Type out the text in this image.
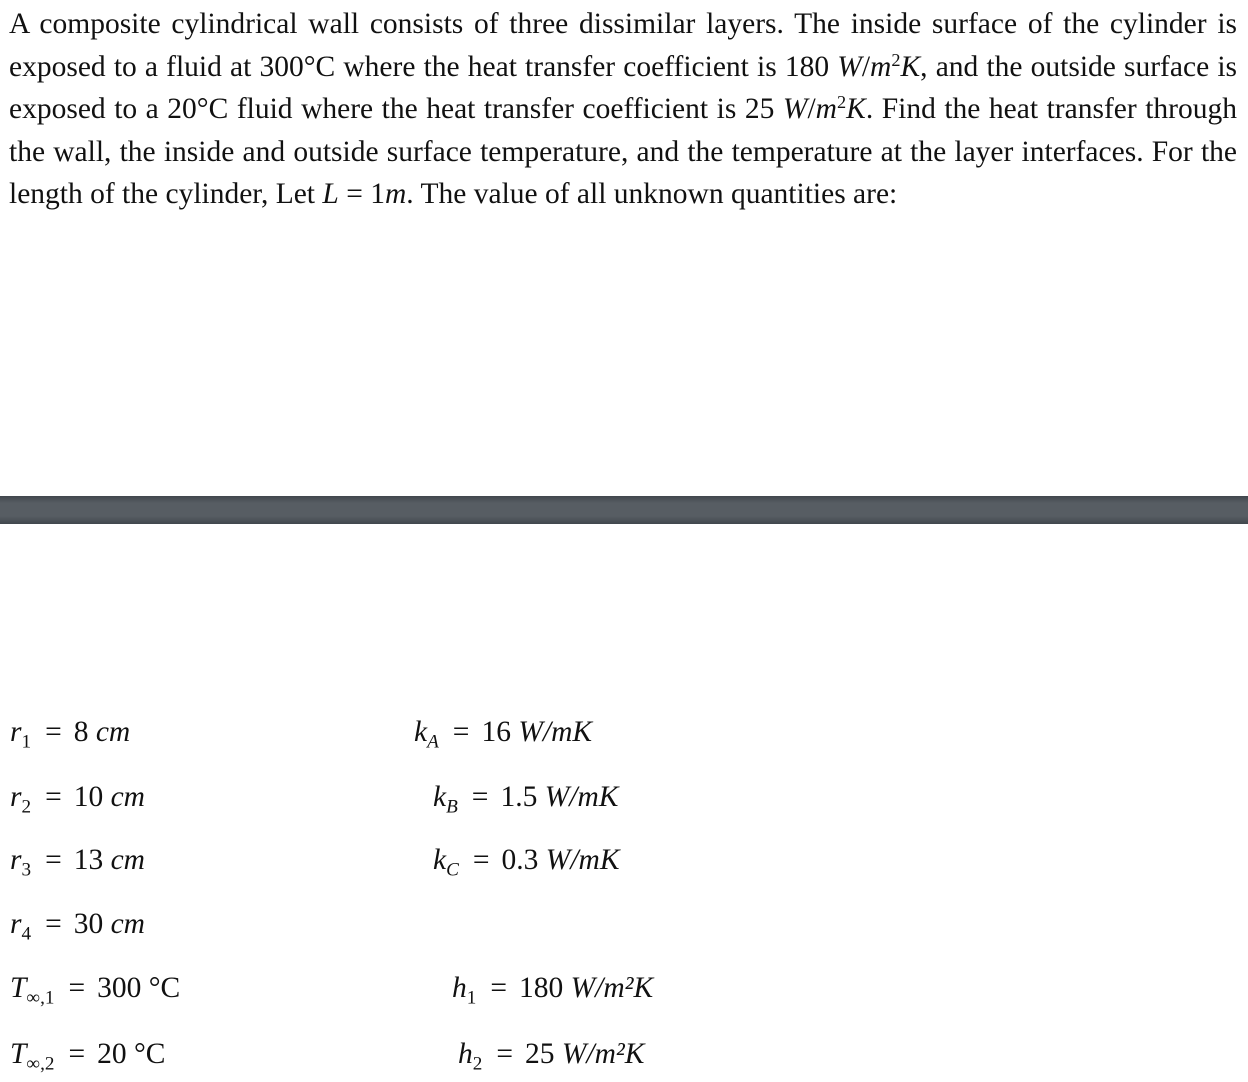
A composite cylindrical wall consists of three dissimilar layers. The inside surface of the cylinder is exposed to a fluid at 300°C where the heat transfer coefficient is 180 $W/m^2K$, and the outside surface is exposed to a 20°C fluid where the heat transfer coefficient is 25 $W/m^2K$. Find the heat transfer through the wall, the inside and outside surface temperature, and the temperature at the layer interfaces. For the length of the cylinder, Let L = 1m. The value of all unknown quantities are:

$r_1 = 8$ cm
$r_2 = 10$ cm
$r_3 = 13$ cm
$r_4 = 30$ cm
$T_{\infty,1} = 300$ °C
$T_{\infty,2} = 20$ °C
$k_A = 16$ W/mK
$k_B = 1.5$ W/mK
$k_C = 0.3$ W/mK
$h_1 = 180$ W/m²K
$h_2 = 25$ W/m²K
